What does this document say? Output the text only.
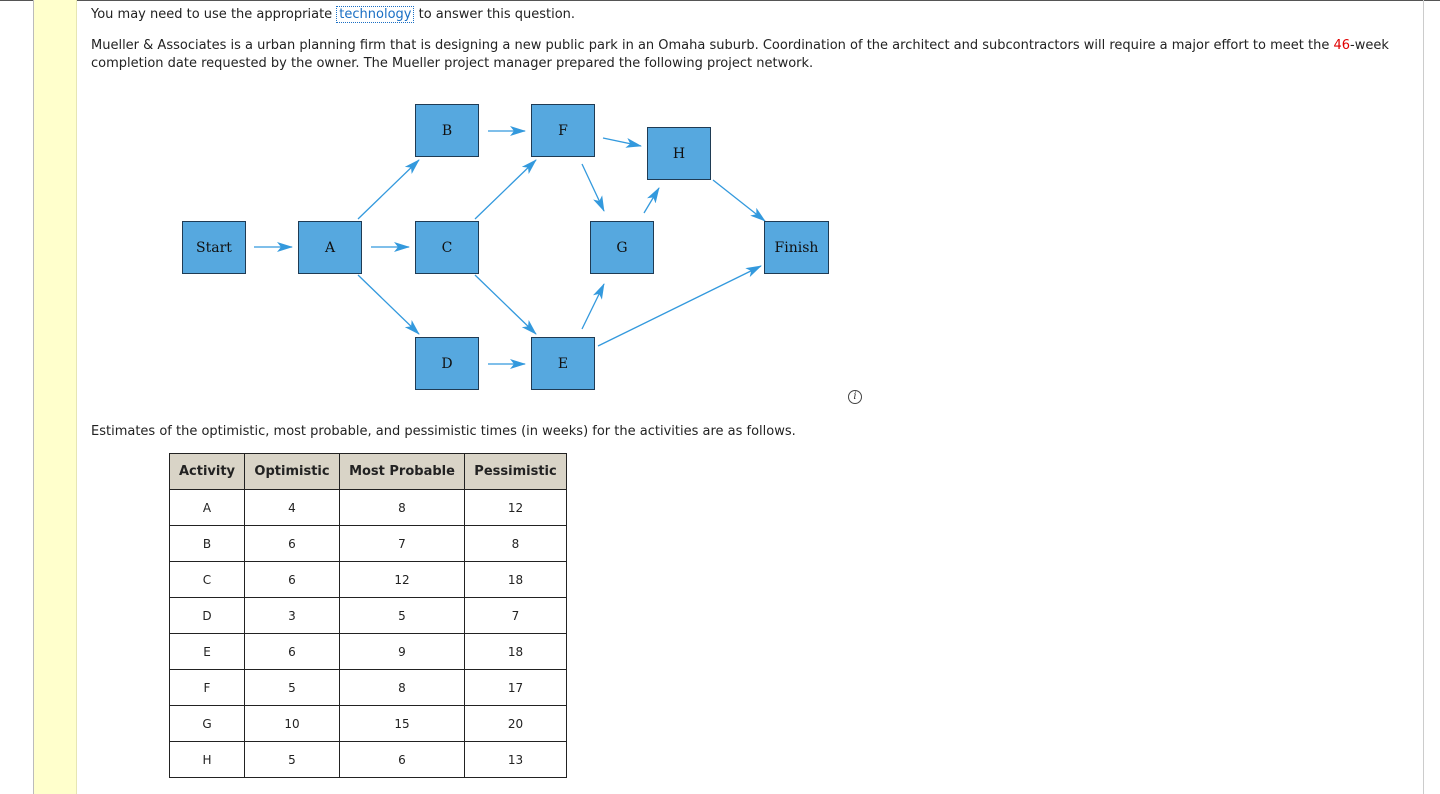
You may need to use the appropriate technology to answer this question.

Mueller & Associates is a urban planning firm that is designing a new public park in an Omaha suburb. Coordination of the architect and subcontractors will require a major effort to meet the 46-week completion date requested by the owner. The Mueller project manager prepared the following project network.

Start	A
B
C
D	E
F
G
H
Finish
i

Estimates of the optimistic, most probable, and pessimistic times (in weeks) for the activities are as follows.

Activity	Optimistic	Most Probable	Pessimistic
A	4	8	12
B	6	7	8
C	6	12	18
D	3	5	7
E	6	9	18
F	5	8	17
G	10	15	20
H	5	6	13
